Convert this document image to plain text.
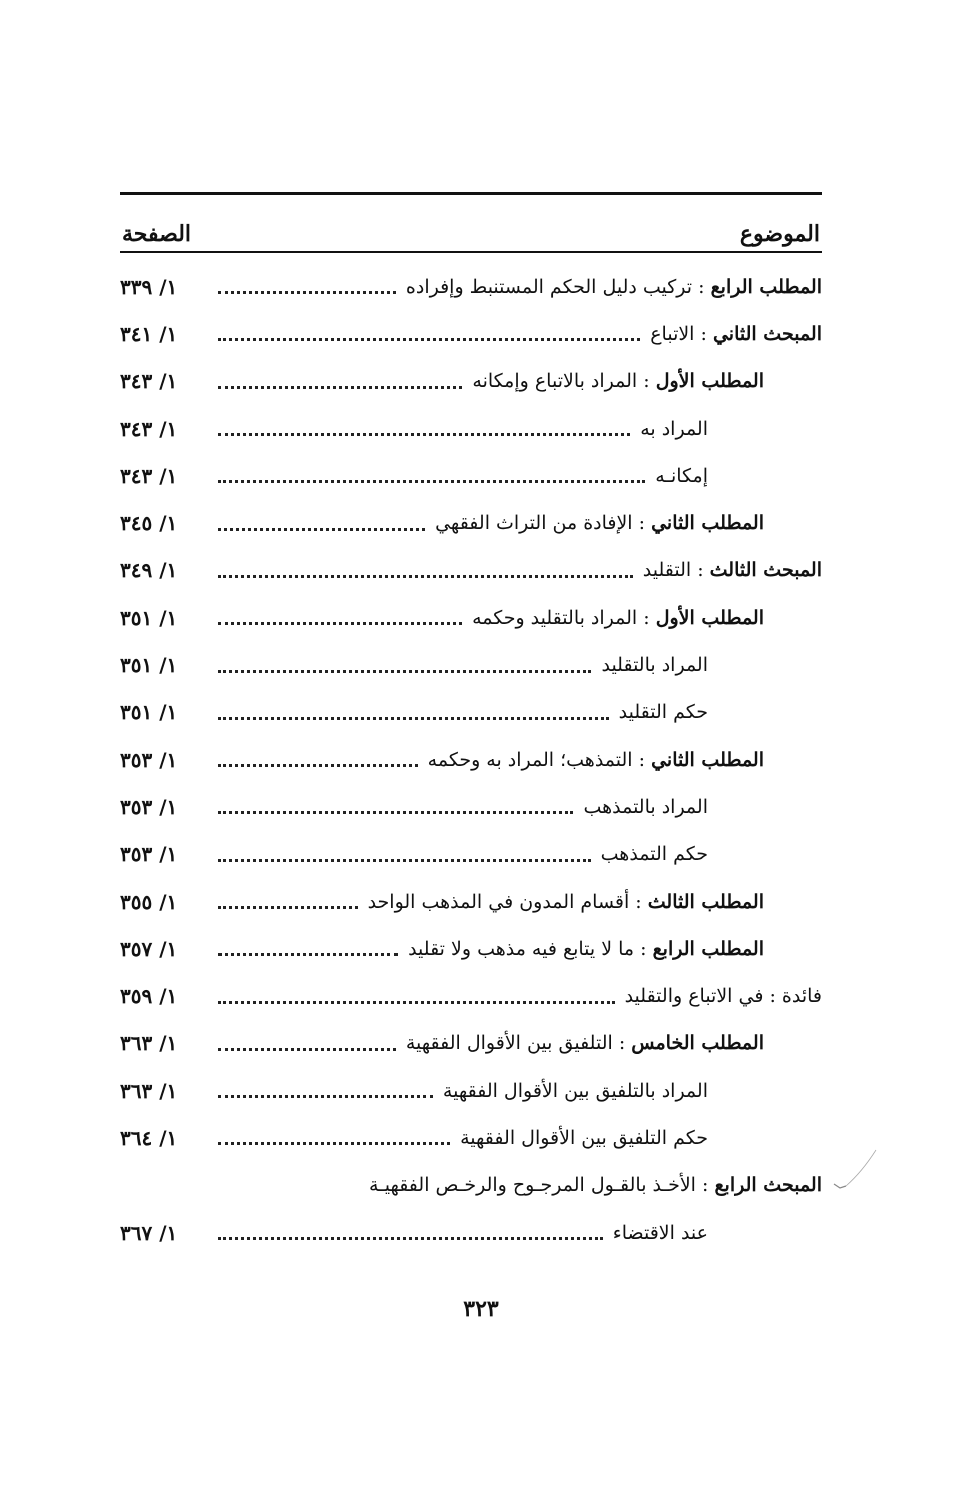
الموضوع
الصفحة
المطلب الرابع : تركيب دليل الحكم المستنبط وإفراده
١/ ٣٣٩
المبحث الثاني : الاتباع
١/ ٣٤١
المطلب الأول : المراد بالاتباع وإمكانه
١/ ٣٤٣
المراد به
١/ ٣٤٣
إمكانـه
١/ ٣٤٣
المطلب الثاني : الإفادة من التراث الفقهي
١/ ٣٤٥
المبحث الثالث : التقليد
١/ ٣٤٩
المطلب الأول : المراد بالتقليد وحكمه
١/ ٣٥١
المراد بالتقليد
١/ ٣٥١
حكم التقليد
١/ ٣٥١
المطلب الثاني : التمذهب؛ المراد به وحكمه
١/ ٣٥٣
المراد بالتمذهب
١/ ٣٥٣
حكم التمذهب
١/ ٣٥٣
المطلب الثالث : أقسام المدون في المذهب الواحد
١/ ٣٥٥
المطلب الرابع : ما لا يتابع فيه مذهب ولا تقليد
١/ ٣٥٧
فائدة : في الاتباع والتقليد
١/ ٣٥٩
المطلب الخامس : التلفيق بين الأقوال الفقهية
١/ ٣٦٣
المراد بالتلفيق بين الأقوال الفقهية
١/ ٣٦٣
حكم التلفيق بين الأقوال الفقهية
١/ ٣٦٤
المبحث الرابع : الأخـذ بالقـول المرجـوح والرخـص الفقهيـة
عند الاقتضاء
١/ ٣٦٧
٣٢٣
